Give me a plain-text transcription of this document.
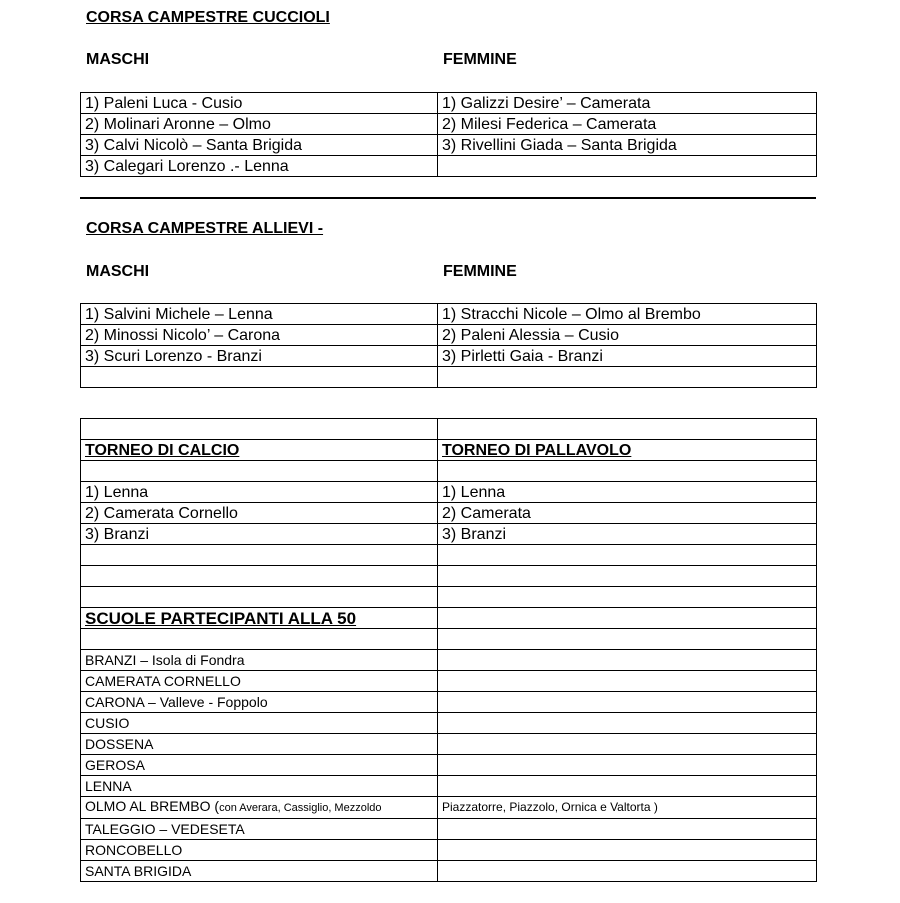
CORSA CAMPESTRE CUCCIOLI
MASCHI	FEMMINE
1) Paleni Luca - Cusio	1) Galizzi Desire’ – Camerata
2) Molinari Aronne – Olmo	2) Milesi Federica – Camerata
3) Calvi Nicolò – Santa Brigida	3) Rivellini Giada – Santa Brigida
3) Calegari Lorenzo .- Lenna	
CORSA CAMPESTRE ALLIEVI -
MASCHI	FEMMINE
1) Salvini Michele – Lenna	1) Stracchi Nicole – Olmo al Brembo
2) Minossi Nicolo’ – Carona	2) Paleni Alessia – Cusio
3) Scuri Lorenzo - Branzi	3) Pirletti Gaia - Branzi

TORNEO DI CALCIO	TORNEO DI PALLAVOLO

1) Lenna	1) Lenna
2) Camerata Cornello	2) Camerata
3) Branzi	3) Branzi

SCUOLE PARTECIPANTI ALLA 50	

BRANZI – Isola di Fondra	
CAMERATA CORNELLO	
CARONA – Valleve - Foppolo	
CUSIO	
DOSSENA	
GEROSA	
LENNA	
OLMO AL BREMBO (con Averara, Cassiglio, Mezzoldo	Piazzatorre, Piazzolo, Ornica e Valtorta )
TALEGGIO – VEDESETA	
RONCOBELLO	
SANTA BRIGIDA	
